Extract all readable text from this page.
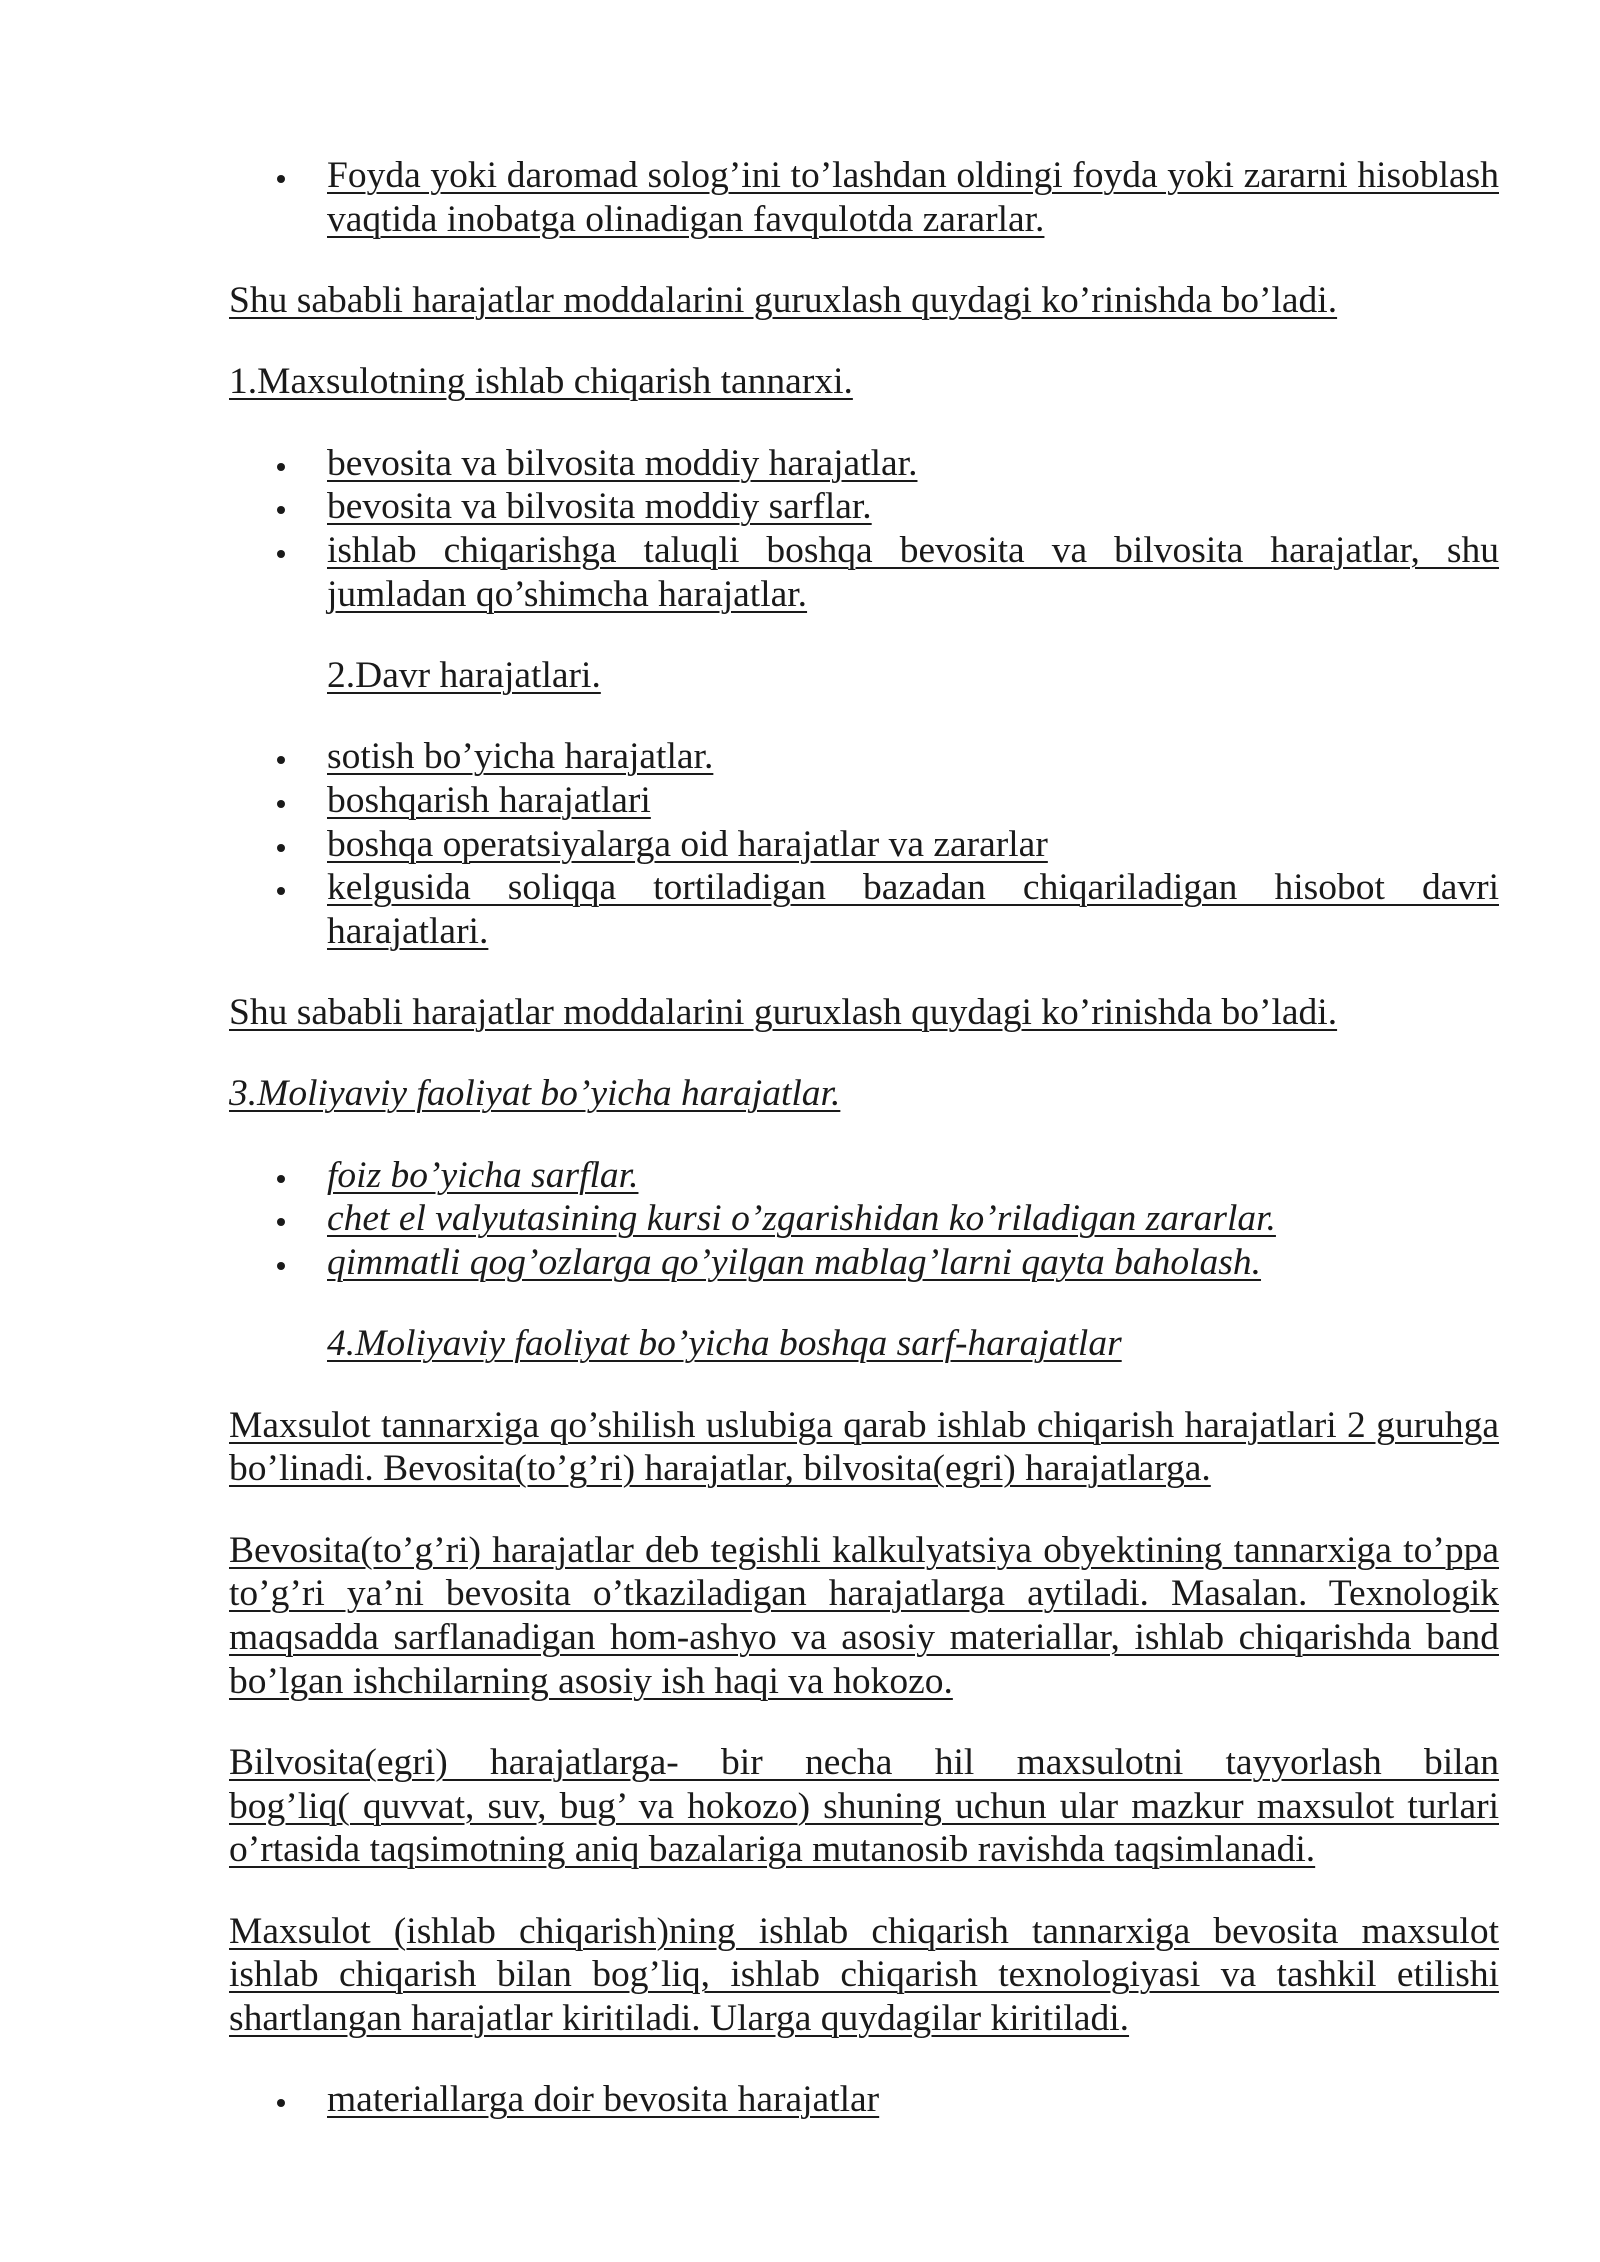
Foyda yoki daromad solog’ini to’lashdan oldingi foyda yoki zararni hisoblash
vaqtida inobatga olinadigan favqulotda zararlar.
Shu sababli harajatlar moddalarini guruxlash quydagi ko’rinishda bo’ladi.
1.Maxsulotning ishlab chiqarish tannarxi.
bevosita va bilvosita moddiy harajatlar.
bevosita va bilvosita moddiy sarflar.
ishlab chiqarishga taluqli boshqa bevosita va bilvosita harajatlar, shu
jumladan qo’shimcha harajatlar.
2.Davr harajatlari.
sotish bo’yicha harajatlar.
boshqarish harajatlari
boshqa operatsiyalarga oid harajatlar va zararlar
kelgusida soliqqa tortiladigan bazadan chiqariladigan hisobot davri
harajatlari.
Shu sababli harajatlar moddalarini guruxlash quydagi ko’rinishda bo’ladi.
3.Moliyaviy faoliyat bo’yicha harajatlar.
foiz bo’yicha sarflar.
chet el valyutasining kursi o’zgarishidan ko’riladigan zararlar.
qimmatli qog’ozlarga qo’yilgan mablag’larni qayta baholash.
4.Moliyaviy faoliyat bo’yicha boshqa sarf-harajatlar
Maxsulot tannarxiga qo’shilish uslubiga qarab ishlab chiqarish harajatlari 2 guruhga
bo’linadi. Bevosita(to’g’ri) harajatlar, bilvosita(egri) harajatlarga.
Bevosita(to’g’ri) harajatlar deb tegishli kalkulyatsiya obyektining tannarxiga to’ppa
to’g’ri ya’ni bevosita o’tkaziladigan harajatlarga aytiladi. Masalan. Texnologik
maqsadda sarflanadigan hom-ashyo va asosiy materiallar, ishlab chiqarishda band
bo’lgan ishchilarning asosiy ish haqi va hokozo.
Bilvosita(egri) harajatlarga- bir necha hil maxsulotni tayyorlash bilan
bog’liq( quvvat, suv, bug’ va hokozo) shuning uchun ular mazkur maxsulot turlari
o’rtasida taqsimotning aniq bazalariga mutanosib ravishda taqsimlanadi.
Maxsulot (ishlab chiqarish)ning ishlab chiqarish tannarxiga bevosita maxsulot
ishlab chiqarish bilan bog’liq, ishlab chiqarish texnologiyasi va tashkil etilishi
shartlangan harajatlar kiritiladi. Ularga quydagilar kiritiladi.
materiallarga doir bevosita harajatlar
